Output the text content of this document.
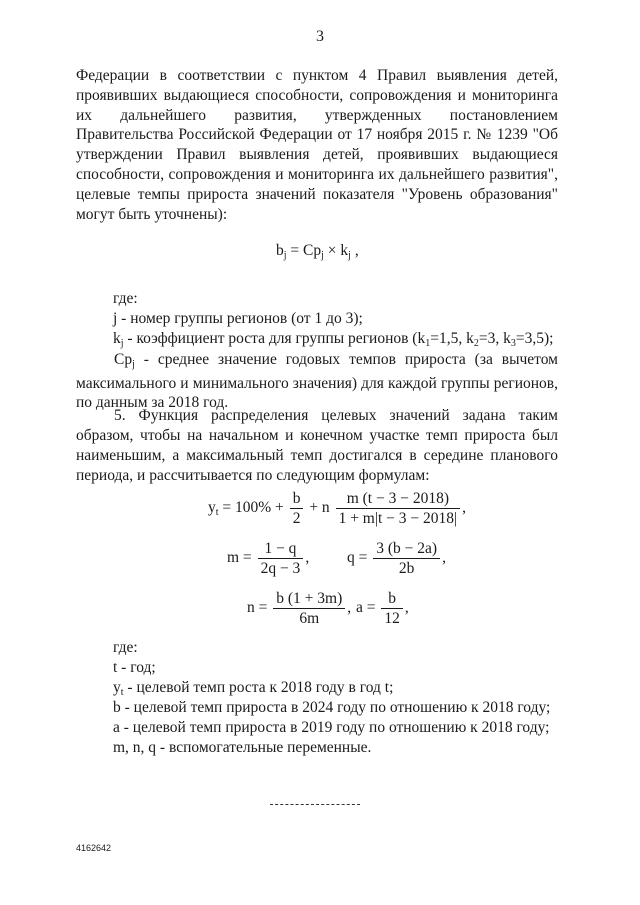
3
Федерации в соответствии с пунктом 4 Правил выявления детей, проявивших выдающиеся способности, сопровождения и мониторинга их дальнейшего развития, утвержденных постановлением Правительства Российской Федерации от 17 ноября 2015 г. № 1239 "Об утверждении Правил выявления детей, проявивших выдающиеся способности, сопровождения и мониторинга их дальнейшего развития", целевые темпы прироста значений показателя "Уровень образования" могут быть уточнены):
$b_j = Cp_j \times k_j$ ,
где:
j - номер группы регионов (от 1 до 3);
$k_j$ - коэффициент роста для группы регионов ($k_1=1,5$, $k_2=3$, $k_3=3,5$);
$Cp_j$ - среднее значение годовых темпов прироста (за вычетом максимального и минимального значения) для каждой группы регионов, по данным за 2018 год.
5. Функция распределения целевых значений задана таким образом, чтобы на начальном и конечном участке темп прироста был наименьшим, а максимальный темп достигался в середине планового периода, и рассчитывается по следующим формулам:
$y_t = 100\% + \frac{b}{2} + n \frac{m (t - 3 - 2018)}{1 + m|t - 3 - 2018|}$ ,
$m = \frac{1 - q}{2q - 3}$ , $q = \frac{3 (b - 2a)}{2b}$ ,
$n = \frac{b (1 + 3m)}{6m}$ , $a = \frac{b}{12}$ ,
где:
t - год;
$y_t$ - целевой темп роста к 2018 году в год t;
b - целевой темп прироста в 2024 году по отношению к 2018 году;
a - целевой темп прироста в 2019 году по отношению к 2018 году;
m, n, q - вспомогательные переменные.
4162642
